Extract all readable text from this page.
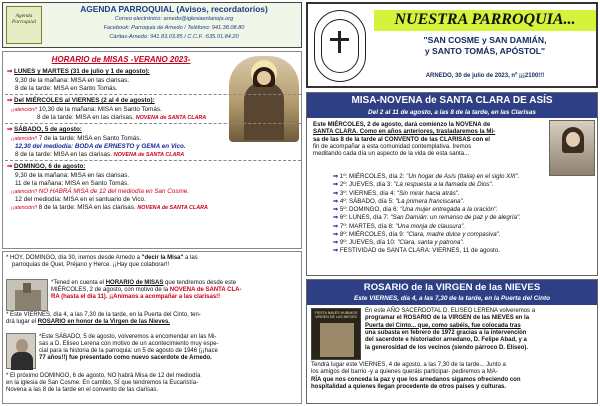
Agenda Parroquial
AGENDA PARROQUIAL (Avisos, recordatorios)
Correo electrónico: arnedo@iglesiaenlarioja.org
Facebook: Parroquia de Arnedo / Teléfono: 941.38.08.80
Cáritas-Arnedo: 941.83.03.85 / C.C.F. :635.01.84.20
HORARIO de MISAS -VERANO 2023-
⇒ LUNES y MARTES (31 de julio y 1 de agosto):
9,30 de la mañana: MISA en las clarisas.
8 de la tarde: MISA en Santo Tomás.
⇒ Del MIÉRCOLES al VIERNES (2 al 4 de agosto):
¡¡atención!! 10,30 de la mañana: MISA en Santo Tomás.
8 de la tarde: MISA en las clarisas. NOVENA de SANTA CLARA
⇒ SÁBADO, 5 de agosto:
¡¡atención!! 7 de la tarde: MISA en Santo Tomás.
12,30 del mediodía: BODA de ERNESTO y GEMA en Vico.
8 de la tarde: MISA en las clarisas. NOVENA de SANTA CLARA
⇒ DOMINGO, 6 de agosto:
9,30 de la mañana: MISA en las clarisas.
11 de la mañana: MISA en Santo Tomás.
¡¡atención!! NO HABRÁ MISA de 12 del mediodía en San Cosme.
12 del mediodía: MISA en el santuario de Vico.
¡¡atención!! 8 de la tarde: MISA en las clarisas. NOVENA de SANTA CLARA
* HOY, DOMINGO, día 30, iremos desde Arnedo a "decir la Misa" a las
parroquias de Quel, Préjano y Herce. ¡¡Hay que colaborar!!
*Tened en cuenta el HORARIO de MISAS que tendremos desde este
MIÉRCOLES, 2 de agosto, con motivo de la NOVENA de SANTA CLA-
RA (hasta el día 11). ¡¡Animaos a acompañar a las clarisas!!
* Este VIERNES, día 4, a las 7,30 de la tarde, en la Puerta del Cinto, ten-
drá lugar el ROSARIO en honor de la Virgen de las Nieves.
*Este SÁBADO, 5 de agosto, volveremos a encomendar en las Mi-
sas a D. Eliseo Lerena con motivo de un acontecimiento muy espe-
cial para la historia de la parroquia: un 5 de agosto de 1946 (¡¡hace
77 años!!) fue presentado como nuevo sacerdote de Arnedo.
* El próximo DOMINGO, 6 de agosto, NO habrá Misa de 12 del mediodía
en la iglesia de San Cosme. En cambio, SÍ que tendremos la Eucaristía-
Novena a las 8 de la tarde en el convento de las clarisas.
NUESTRA PARROQUIA...
"SAN COSME y SAN DAMIÁN,
y SANTO TOMÁS, APÓSTOL"
ARNEDO, 30 de julio de 2023, nº ¡¡¡2100!!!
MISA-NOVENA de SANTA CLARA DE ASÍS
Del 2 al 11 de agosto, a las 8 de la tarde, en las Clarisas
Este MIÉRCOLES, 2 de agosto, dará comienzo la NOVENA de
SANTA CLARA. Como en años anteriores, trasladaremos la Mi-
sa de las 8 de la tarde al CONVENTO de las CLARISAS con el
fin de acompañar a esta comunidad contemplativa. Iremos
meditando cada día un aspecto de la vida de esta santa...
⇒ 1º: MIÉRCOLES, día 2: "Un hogar de Asís (Italia) en el siglo XIII".
⇒ 2º: JUEVES, día 3: "La respuesta a la llamada de Dios".
⇒ 3º: VIERNES, día 4: "Sin mirar hacia atrás".
⇒ 4º: SÁBADO, día 5: "La primera franciscana".
⇒ 5º: DOMINGO, día 6: "Una mujer entregada a la oración".
⇒ 6º: LUNES, día 7: "San Damián: un remanso de paz y de alegría".
⇒ 7º: MARTES, día 8: "Una monja de clausura".
⇒ 8º: MIÉRCOLES, día 9: "Clara, madre dulce y compasiva".
⇒ 9º: JUEVES, día 10: "Clara, santa y patrona".
⇒ FESTIVIDAD de SANTA CLARA: VIERNES, 11 de agosto.
ROSARIO de la VIRGEN de las NIEVES
Este VIERNES, día 4, a las 7,30 de la tarde, en la Puerta del Cinto
FIESTA NAVES HUBIMOS VIRGEN DE LAS NIEVES
En este AÑO SACERDOTAL D. ELISEO LERENA volveremos a
programar el ROSARIO de la VIRGEN de las NIEVES en la
Puerta del Cinto... que, como sabéis, fue colocada tras
una subasta en febrero de 1972 gracias a la intervención
del sacerdote e historiador arnedano, D. Felipe Abad, y a
la generosidad de los vecinos (siendo párroco D. Eliseo).
Tendrá lugar este VIERNES, 4 de agosto, a las 7,30 de la tarde... Junto a
los amigos del barrio -y a quienes queráis participar- pediremos a MA-
RÍA que nos conceda la paz y que los arnedanos sigamos ofreciendo con
hospitalidad a quienes llegan procedente de otros países y culturas.
